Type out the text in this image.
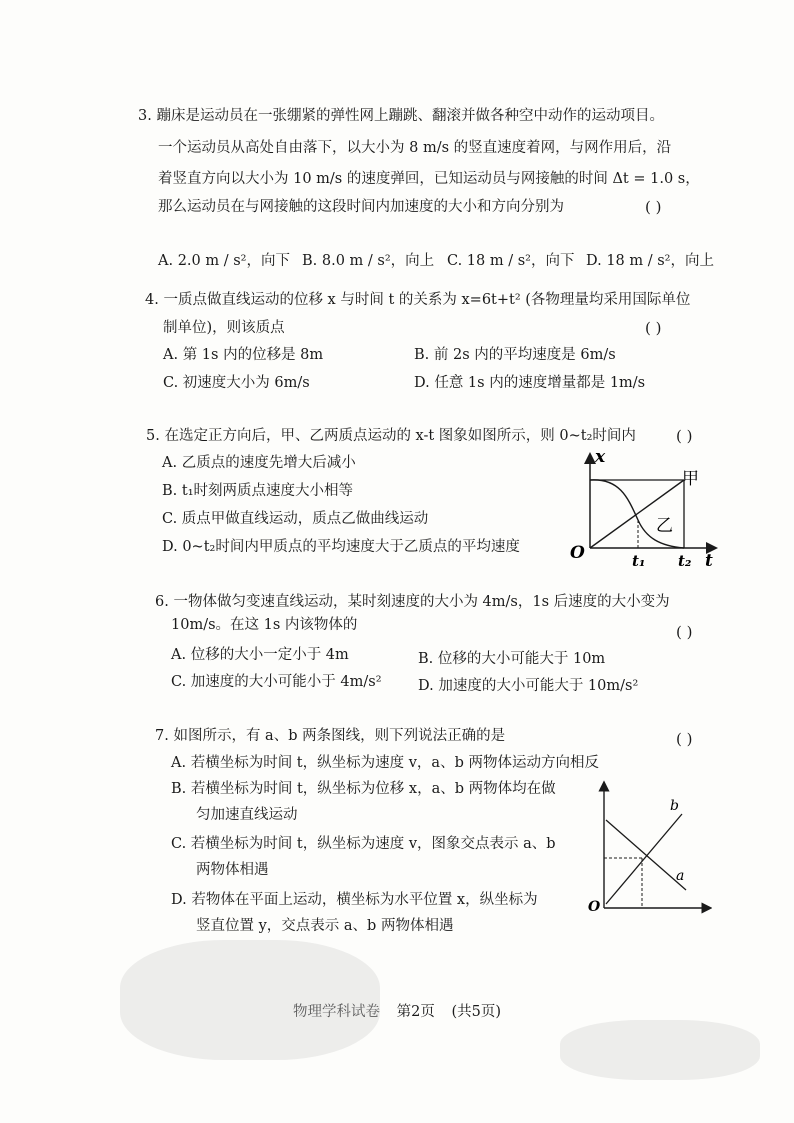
3. 蹦床是运动员在一张绷紧的弹性网上蹦跳、翻滚并做各种空中动作的运动项目。
一个运动员从高处自由落下，以大小为 8 m/s 的竖直速度着网，与网作用后，沿
着竖直方向以大小为 10 m/s 的速度弹回，已知运动员与网接触的时间 Δt = 1.0 s，
那么运动员在与网接触的这段时间内加速度的大小和方向分别为	( )
A. 2.0 m / s²，向下 B. 8.0 m / s²，向上 C. 18 m / s²，向下 D. 18 m / s²，向上
4. 一质点做直线运动的位移 x 与时间 t 的关系为 x=6t+t² (各物理量均采用国际单位
制单位)，则该质点	( )
A. 第 1s 内的位移是 8m	B. 前 2s 内的平均速度是 6m/s
C. 初速度大小为 6m/s	D. 任意 1s 内的速度增量都是 1m/s
5. 在选定正方向后，甲、乙两质点运动的 x-t 图象如图所示，则 0~t₂时间内	( )
A. 乙质点的速度先增大后减小
B. t₁时刻两质点速度大小相等
C. 质点甲做直线运动，质点乙做曲线运动
D. 0~t₂时间内甲质点的平均速度大于乙质点的平均速度
x
t
O	t₁ t₂
甲
乙
6. 一物体做匀变速直线运动，某时刻速度的大小为 4m/s，1s 后速度的大小变为
10m/s。在这 1s 内该物体的	( )
A. 位移的大小一定小于 4m	B. 位移的大小可能大于 10m
C. 加速度的大小可能小于 4m/s²	D. 加速度的大小可能大于 10m/s²
7. 如图所示，有 a、b 两条图线，则下列说法正确的是	( )
A. 若横坐标为时间 t，纵坐标为速度 v，a、b 两物体运动方向相反
B. 若横坐标为时间 t，纵坐标为位移 x，a、b 两物体均在做
匀加速直线运动
C. 若横坐标为时间 t，纵坐标为速度 v，图象交点表示 a、b
两物体相遇
D. 若物体在平面上运动，横坐标为水平位置 x，纵坐标为
竖直位置 y，交点表示 a、b 两物体相遇
O
b
a
物理学科试卷 第2页 (共5页)
